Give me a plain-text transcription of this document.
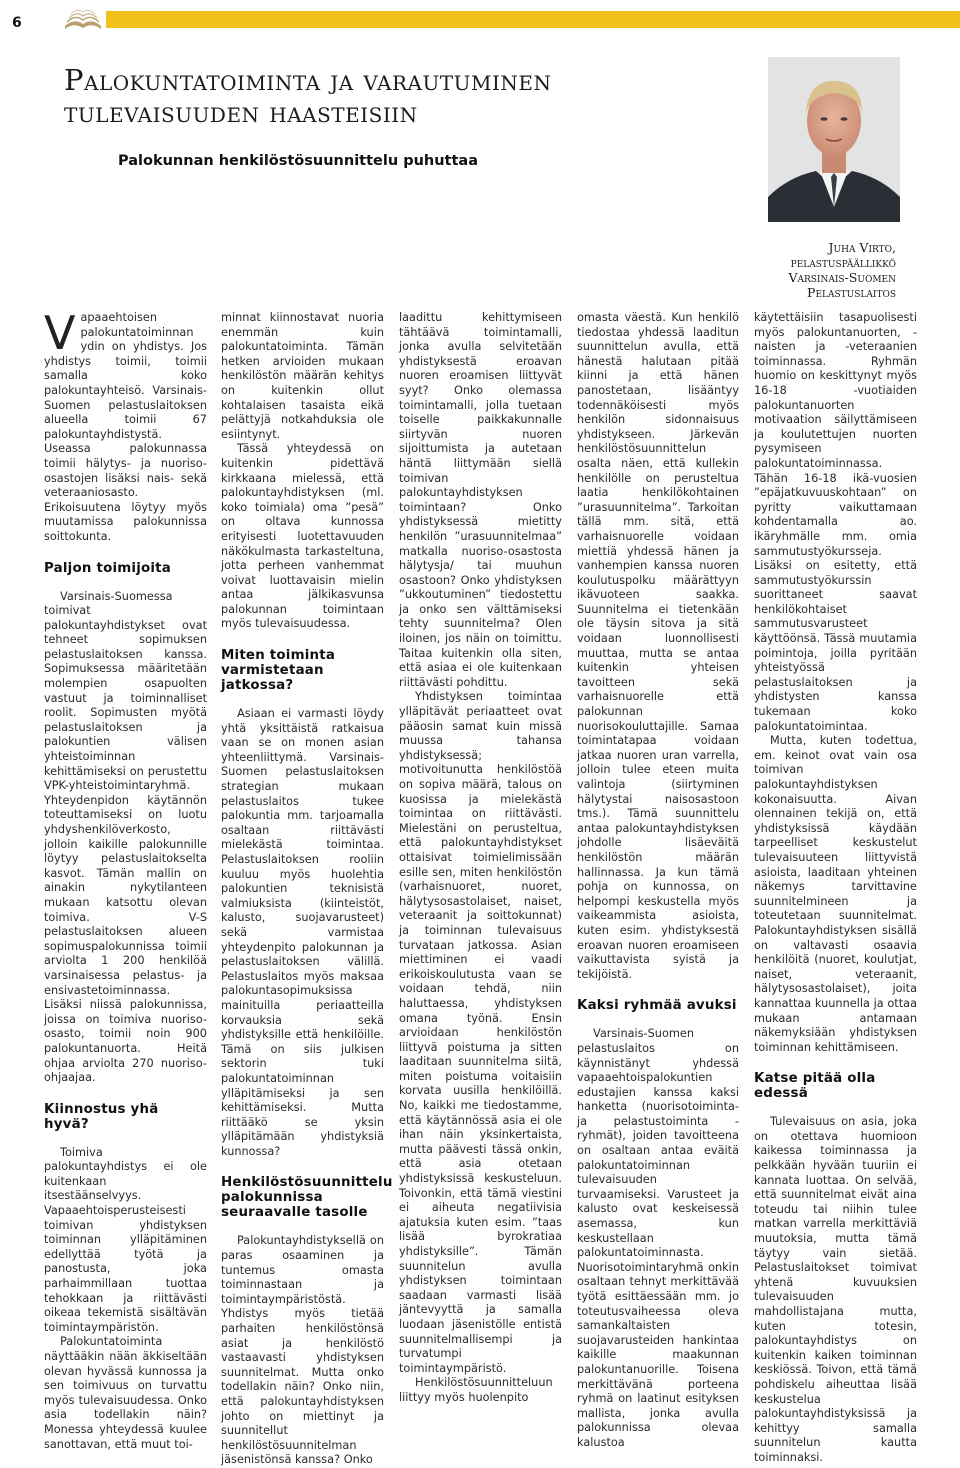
6
Palokuntatoiminta ja varautuminen
tulevaisuuden haasteisiin
Palokunnan henkilöstösuunnittelu puhuttaa
Juha Virto,
pelastuspäällikkö
Varsinais-Suomen
Pelastuslaitos
V apaaehtoisen palokuntatoiminnan ydin on yhdistys. Jos yhdistys toimii, toimii samalla koko palokuntayhteisö. Varsinais-Suomen pelastuslaitoksen alueella toimii 67 palokuntayhdistystä. Useassa palokunnassa toimii hälytys- ja nuoriso-osastojen lisäksi nais- sekä veteraaniosasto. Erikoisuutena löytyy myös muutamissa palokunnissa soittokunta.

Paljon toimijoita

Varsinais-Suomessa toimivat palokuntayhdistykset ovat tehneet sopimuksen pelastuslaitoksen kanssa. Sopimuksessa määritetään molempien osapuolten vastuut ja toiminnalliset roolit. Sopimusten myötä pelastuslaitoksen ja palokuntien välisen yhteistoiminnan kehittämiseksi on perustettu VPK-yhteistoimintaryhmä. Yhteydenpidon käytännön toteuttamiseksi on luotu yhdyshenkilöverkosto, jolloin kaikille palokunnille löytyy pelastuslaitokselta kasvot. Tämän mallin on ainakin nykytilanteen mukaan katsottu olevan toimiva. V-S pelastuslaitoksen alueen sopimuspalokunnissa toimii arviolta 1 200 henkilöä varsinaisessa pelastus- ja ensivastetoiminnassa. Lisäksi niissä palokunnissa, joissa on toimiva nuoriso-osasto, toimii noin 900 palokuntanuorta. Heitä ohjaa arviolta 270 nuoriso-ohjaajaa.

Kiinnostus yhä hyvä?

Toimiva palokuntayhdistys ei ole kuitenkaan itsestäänselvyys. Vapaaehtoisperusteisesti toimivan yhdistyksen toiminnan ylläpitäminen edellyttää työtä ja panostusta, joka parhaimmillaan tuottaa tehokkaan ja riittävästi oikeaa tekemistä sisältävän toimintaympäristön.

Palokuntatoiminta näyttääkin nään äkkiseltään olevan hyvässä kunnossa ja sen toimivuus on turvattu myös tulevaisuudessa. Onko asia todellakin näin? Monessa yhteydessä kuulee sanottavan, että muut toi-

minnat kiinnostavat nuoria enemmän kuin palokuntatoiminta. Tämän hetken arvioiden mukaan henkilöstön määrän kehitys on kuitenkin ollut kohtalaisen tasaista eikä pelättyjä notkahduksia ole esiintynyt.

Tässä yhteydessä on kuitenkin pidettävä kirkkaana mielessä, että palokuntayhdistyksen (ml. koko toimiala) oma ”pesä” on oltava kunnossa erityisesti luotettavuuden näkökulmasta tarkasteltuna, jotta perheen vanhemmat voivat luottavaisin mielin antaa jälkikasvunsa palokunnan toimintaan myös tulevaisuudessa.

Miten toiminta varmistetaan jatkossa?

Asiaan ei varmasti löydy yhtä yksittäistä ratkaisua vaan se on monen asian yhteenliittymä. Varsinais-Suomen pelastuslaitoksen strategian mukaan pelastuslaitos tukee palokuntia mm. tarjoamalla osaltaan riittävästi mielekästä toimintaa. Pelastuslaitoksen rooliin kuuluu myös huolehtia palokuntien teknisistä valmiuksista (kiinteistöt, kalusto, suojavarusteet) sekä varmistaa yhteydenpito palokunnan ja pelastuslaitoksen välillä. Pelastuslaitos myös maksaa palokuntasopimuksissa mainituilla periaatteilla korvauksia sekä yhdistyksille että henkilöille. Tämä on siis julkisen sektorin tuki palokuntatoiminnan ylläpitämiseksi ja sen kehittämiseksi. Mutta riittääkö se yksin ylläpitämään yhdistyksiä kunnossa?

Henkilöstösuunnittelu palokunnissa seuraavalle tasolle

Palokuntayhdistyksellä on paras osaaminen ja tuntemus omasta toiminnastaan ja toimintaympäristöstä. Yhdistys myös tietää parhaiten henkilöstönsä asiat ja henkilöstö vastaavasti yhdistyksen suunnitelmat. Mutta onko todellakin näin? Onko niin, että palokuntayhdistyksen johto on miettinyt ja suunnitellut henkilöstösuunnitelman jäsenistönsä kanssa? Onko

laadittu kehittymiseen tähtäävä toimintamalli, jonka avulla selvitetään yhdistyksestä eroavan nuoren eroamisen liittyvät syyt? Onko olemassa toimintamalli, jolla tuetaan toiselle paikkakunnalle siirtyvän nuoren sijoittumista ja autetaan häntä liittymään siellä toimivan palokuntayhdistyksen toimintaan? Onko yhdistyksessä mietitty henkilön ”urasuunnitelmaa” matkalla nuoriso-osastosta hälytysja/ tai muuhun osastoon? Onko yhdistyksen ”ukkoutuminen” tiedostettu ja onko sen välttämiseksi tehty suunnitelma? Olen iloinen, jos näin on toimittu. Taitaa kuitenkin olla siten, että asiaa ei ole kuitenkaan riittävästi pohdittu.

Yhdistyksen toimintaa ylläpitävät periaatteet ovat pääosin samat kuin missä muussa tahansa yhdistyksessä; motivoitunutta henkilöstöä on sopiva määrä, talous on kuosissa ja mielekästä toimintaa on riittävästi. Mielestäni on perusteltua, että palokuntayhdistykset ottaisivat toimielimissään esille sen, miten henkilöstön (varhaisnuoret, nuoret, hälytysosastolaiset, naiset, veteraanit ja soittokunnat) ja toiminnan tulevaisuus turvataan jatkossa. Asian miettiminen ei vaadi erikoiskoulutusta vaan se voidaan tehdä, niin haluttaessa, yhdistyksen omana työnä. Ensin arvioidaan henkilöstön liittyvä poistuma ja sitten laaditaan suunnitelma siitä, miten poistuma voitaisiin korvata uusilla henkilöillä. No, kaikki me tiedostamme, että käytännössä asia ei ole ihan näin yksinkertaista, mutta päävesti tässä onkin, että asia otetaan yhdistyksissä keskusteluun. Toivonkin, että tämä viestini ei aiheuta negatiivisia ajatuksia kuten esim. ”taas lisää byrokratiaa yhdistyksille”. Tämän suunnitelun avulla yhdistyksen toimintaan saadaan varmasti lisää jäntevyyttä ja samalla luodaan jäsenistölle entistä suunnitelmallisempi ja turvatumpi toimintaympäristö.

Henkilöstösuunnitteluun liittyy myös huolenpito

omasta väestä. Kun henkilö tiedostaa yhdessä laaditun suunnittelun avulla, että hänestä halutaan pitää kiinni ja että hänen panostetaan, lisääntyy todennäköisesti myös henkilön sidonnaisuus yhdistykseen. Järkevän henkilöstösuunnittelun osalta näen, että kullekin henkilölle on perusteltua laatia henkilökohtainen ”urasuunnitelma”. Tarkoitan tällä mm. sitä, että varhaisnuorelle voidaan miettiä yhdessä hänen ja vanhempien kanssa nuoren koulutuspolku määrättyyn ikävuoteen saakka. Suunnitelma ei tietenkään ole täysin sitova ja sitä voidaan luonnollisesti muuttaa, mutta se antaa kuitenkin yhteisen tavoitteen sekä varhaisnuorelle että palokunnan nuorisokouluttajille. Samaa toimintatapaa voidaan jatkaa nuoren uran varrella, jolloin tulee eteen muita valintoja (siirtyminen hälytystai naisosastoon tms.). Tämä suunnittelu antaa palokuntayhdistyksen johdolle lisäeväitä henkilöstön määrän hallinnassa. Ja kun tämä pohja on kunnossa, on helpompi keskustella myös vaikeammista asioista, kuten esim. yhdistyksestä eroavan nuoren eroamiseen vaikuttavista syistä ja tekijöistä.

Kaksi ryhmää avuksi

Varsinais-Suomen pelastuslaitos on käynnistänyt yhdessä vapaaehtoispalokuntien edustajien kanssa kaksi hanketta (nuorisotoiminta- ja pelastustoiminta -ryhmät), joiden tavoitteena on osaltaan antaa eväitä palokuntatoiminnan tulevaisuuden turvaamiseksi. Varusteet ja kalusto ovat keskeisessä asemassa, kun keskustellaan palokuntatoiminnasta. Nuorisotoimintaryhmä onkin osaltaan tehnyt merkittävää työtä esittäessään mm. jo toteutusvaiheessa oleva samankaltaisten suojavarusteiden hankintaa kaikille maakunnan palokuntanuorille. Toisena merkittävänä porteena ryhmä on laatinut esityksen mallista, jonka avulla palokunnissa olevaa kalustoa

käytettäisiin tasapuolisesti myös palokuntanuorten, -naisten ja -veteraanien toiminnassa. Ryhmän huomio on keskittynyt myös 16-18 -vuotiaiden palokuntanuorten motivaation säilyttämiseen ja koulutettujen nuorten pysymiseen palokuntatoiminnassa. Tähän 16-18 ikä-vuosien ”epäjatkuvuuskohtaan” on pyritty vaikuttamaan kohdentamalla ao. ikäryhmälle mm. omia sammutustyökursseja. Lisäksi on esitetty, että sammutustyökurssin suorittaneet saavat henkilökohtaiset sammutusvarusteet käyttöönsä. Tässä muutamia poimintoja, joilla pyritään yhteistyössä pelastuslaitoksen ja yhdistysten kanssa tukemaan koko palokuntatoimintaa.

Mutta, kuten todettua, em. keinot ovat vain osa toimivan palokuntayhdistyksen kokonaisuutta. Aivan olennainen tekijä on, että yhdistyksissä käydään tarpeelliset keskustelut tulevaisuuteen liittyvistä asioista, laaditaan yhteinen näkemys tarvittavine suunnitelmineen ja toteutetaan suunnitelmat. Palokuntayhdistyksen sisällä on valtavasti osaavia henkilöitä (nuoret, koulutjat, naiset, veteraanit, hälytysosastolaiset), joita kannattaa kuunnella ja ottaa mukaan antamaan näkemyksiään yhdistyksen toiminnan kehittämiseen.

Katse pitää olla edessä

Tulevaisuus on asia, joka on otettava huomioon kaikessa toiminnassa ja pelkkään hyvään tuuriin ei kannata luottaa. On selvää, että suunnitelmat eivät aina toteudu tai niihin tulee matkan varrella merkittäviä muutoksia, mutta tämä täytyy vain sietää. Pelastuslaitokset toimivat yhtenä kuvuuksien tulevaisuuden mahdollistajana mutta, kuten totesin, palokuntayhdistys on kuitenkin kaiken toiminnan keskiössä. Toivon, että tämä pohdiskelu aiheuttaa lisää keskustelua palokuntayhdistyksissä ja kehittyy samalla suunnitelun kautta toiminnaksi.
